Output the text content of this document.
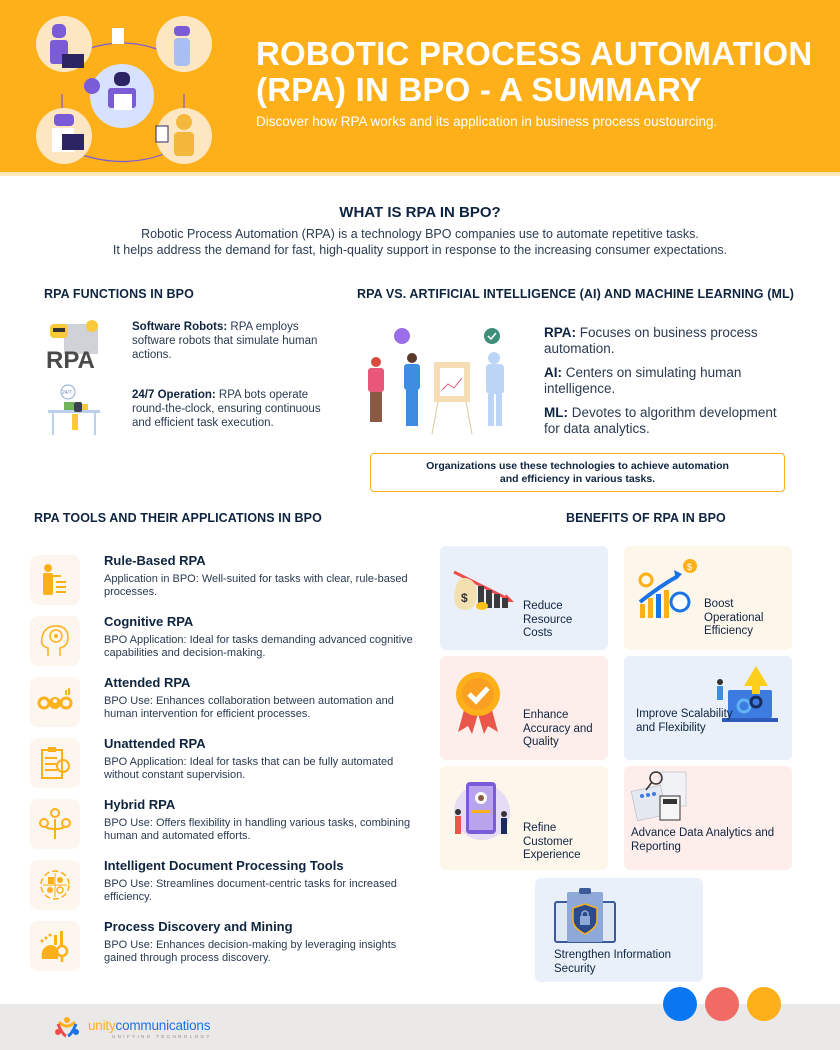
ROBOTIC PROCESS AUTOMATION
(RPA) IN BPO - A SUMMARY
Discover how RPA works and its application in business process oustourcing.
WHAT IS RPA IN BPO?
Robotic Process Automation (RPA) is a technology BPO companies use to automate repetitive tasks.
It helps address the demand for fast, high-quality support in response to the increasing consumer expectations.
RPA FUNCTIONS IN BPO
RPA
Software Robots: RPA employs software robots that simulate human actions.
24/7	24/7 Operation: RPA bots operate round-the-clock, ensuring continuous and efficient task execution.
RPA VS. ARTIFICIAL INTELLIGENCE (AI) AND MACHINE LEARNING (ML)

RPA: Focuses on business process automation.

AI: Centers on simulating human intelligence.

ML: Devotes to algorithm development for data analytics.

Organizations use these technologies to achieve automation
and efficiency in various tasks.
RPA TOOLS AND THEIR APPLICATIONS IN BPO
Rule-Based RPA
Application in BPO: Well-suited for tasks with clear, rule-based processes.
Cognitive RPA
BPO Application: Ideal for tasks demanding advanced cognitive capabilities and decision-making.
Attended RPA
BPO Use: Enhances collaboration between automation and human intervention for efficient processes.
Unattended RPA
BPO Application: Ideal for tasks that can be fully automated without constant supervision.
Hybrid RPA
BPO Use: Offers flexibility in handling various tasks, combining human and automated efforts.
Intelligent Document Processing Tools
BPO Use: Streamlines document-centric tasks for increased efficiency.
Process Discovery and Mining
BPO Use: Enhances decision-making by leveraging insights gained through process discovery.
BENEFITS OF RPA IN BPO
$
Reduce Resource Costs
$
Boost Operational Efficiency
Enhance Accuracy and Quality
Improve Scalability and Flexibility
Refine Customer Experience
Advance Data Analytics and Reporting
Strengthen Information Security
unitycommunications
UNIFYING TECHNOLOGY
